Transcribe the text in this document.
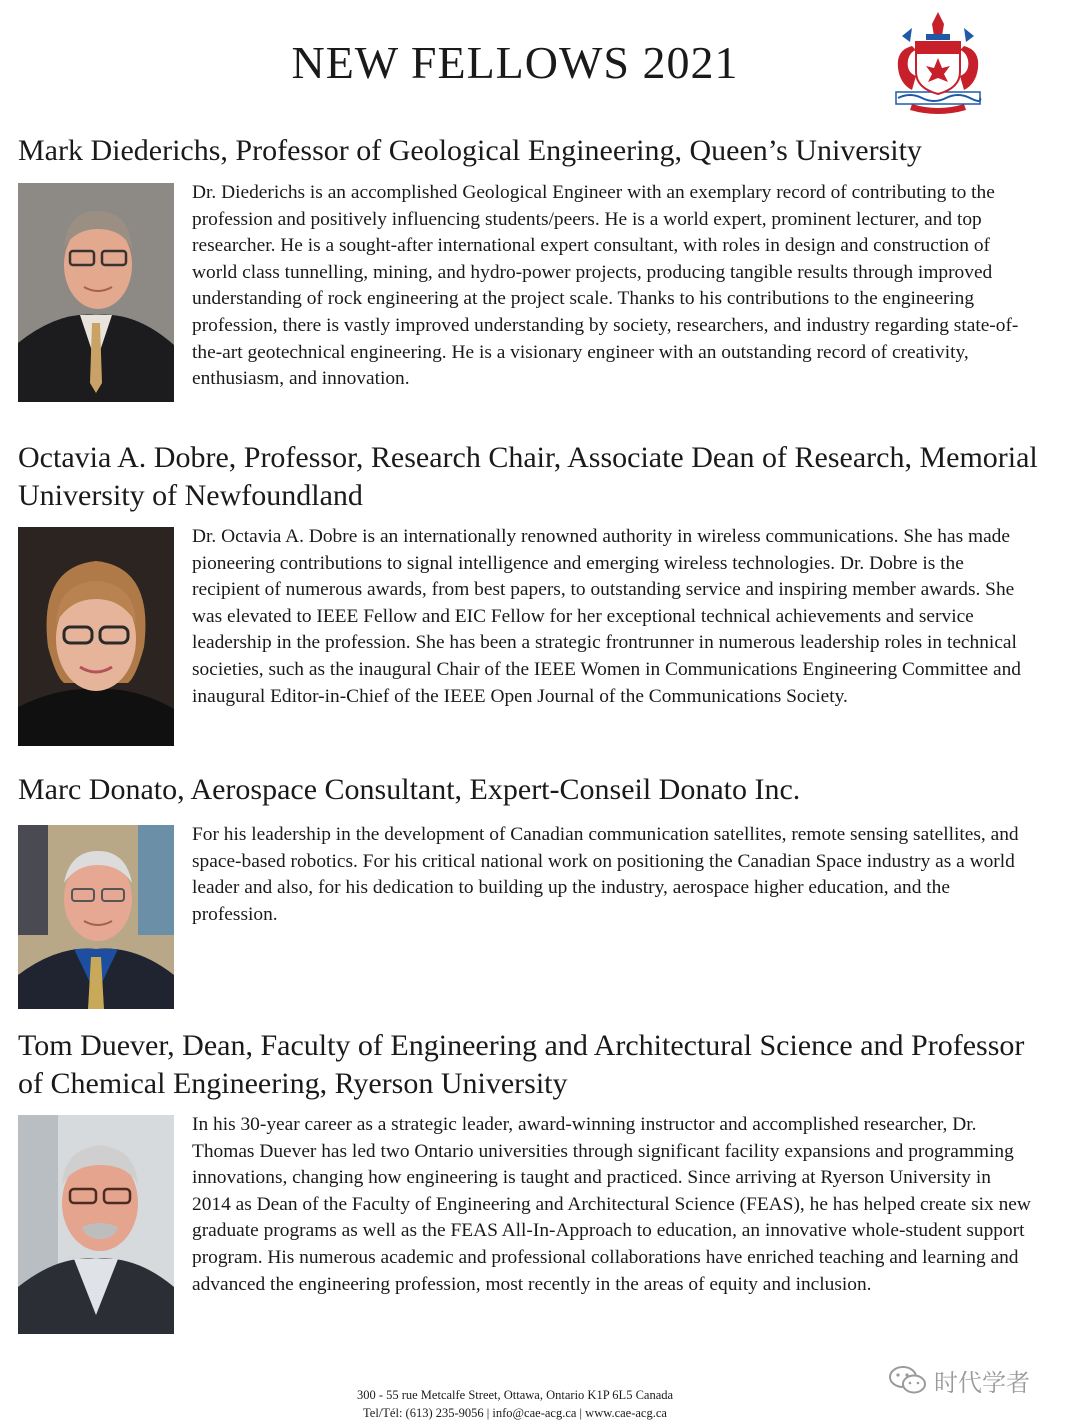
NEW FELLOWS 2021
Mark Diederichs, Professor of Geological Engineering, Queen’s University

Dr. Diederichs is an accomplished Geological Engineer with an exemplary record of contributing to the profession and positively influencing students/peers. He is a world expert, prominent lecturer, and top researcher. He is a sought-after international expert consultant, with roles in design and construction of world class tunnelling, mining, and hydro-power projects, producing tangible results through improved understanding of rock engineering at the project scale. Thanks to his contributions to the engineering profession, there is vastly improved understanding by society, researchers, and industry regarding state-of-the-art geotechnical engineering. He is a visionary engineer with an outstanding record of creativity, enthusiasm, and innovation.

Octavia A. Dobre, Professor, Research Chair, Associate Dean of Research, Memorial University of Newfoundland

Dr. Octavia A. Dobre is an internationally renowned authority in wireless communications. She has made pioneering contributions to signal intelligence and emerging wireless technologies. Dr. Dobre is the recipient of numerous awards, from best papers, to outstanding service and inspiring member awards. She was elevated to IEEE Fellow and EIC Fellow for her exceptional technical achievements and service leadership in the profession. She has been a strategic frontrunner in numerous leadership roles in technical societies, such as the inaugural Chair of the IEEE Women in Communications Engineering Committee and inaugural Editor-in-Chief of the IEEE Open Journal of the Communications Society.

Marc Donato, Aerospace Consultant, Expert-Conseil Donato Inc.

For his leadership in the development of Canadian communication satellites, remote sensing satellites, and space-based robotics. For his critical national work on positioning the Canadian Space industry as a world leader and also, for his dedication to building up the industry, aerospace higher education, and the profession.

Tom Duever, Dean, Faculty of Engineering and Architectural Science and Professor of Chemical Engineering, Ryerson University

In his 30-year career as a strategic leader, award-winning instructor and accomplished researcher, Dr. Thomas Duever has led two Ontario universities through significant facility expansions and programming innovations, changing how engineering is taught and practiced. Since arriving at Ryerson University in 2014 as Dean of the Faculty of Engineering and Architectural Science (FEAS), he has helped create six new graduate programs as well as the FEAS All-In-Approach to education, an innovative whole-student support program. His numerous academic and professional collaborations have enriched teaching and learning and advanced the engineering profession, most recently in the areas of equity and inclusion.

300 - 55 rue Metcalfe Street, Ottawa, Ontario K1P 6L5 Canada
Tel/Tél: (613) 235-9056 | info@cae-acg.ca | www.cae-acg.ca
时代学者
